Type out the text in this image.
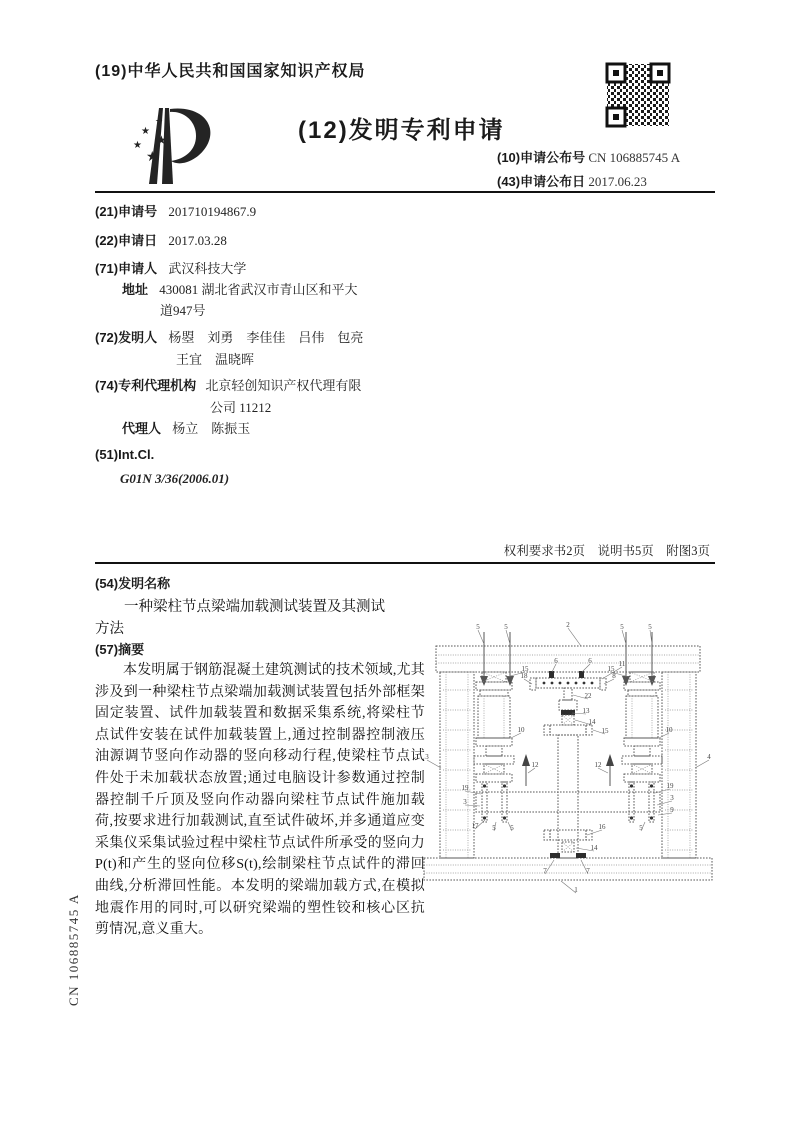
(19)中华人民共和国国家知识产权局
★
★
★
★
★
(12)发明专利申请
(10)申请公布号 CN 106885745 A
(43)申请公布日 2017.06.23
(21)申请号 201710194867.9
(22)申请日 2017.03.28
(71)申请人 武汉科技大学
地址 430081 湖北省武汉市青山区和平大
道947号
(72)发明人 杨曌　刘勇　李佳佳　吕伟　包亮
王宜　温晓晖
(74)专利代理机构 北京轻创知识产权代理有限
公司 11212
代理人 杨立　陈振玉
(51)Int.Cl.
G01N 3/36(2006.01)
权利要求书2页　说明书5页　附图3页
(54)发明名称
一种梁柱节点梁端加载测试装置及其测试
方法
(57)摘要
本发明属于钢筋混凝土建筑测试的技术领域,尤其涉及到一种梁柱节点梁端加载测试装置包括外部框架固定装置、试件加载装置和数据采集系统,将梁柱节点试件安装在试件加载装置上,通过控制器控制液压油源调节竖向作动器的竖向移动行程,使梁柱节点试件处于未加载状态放置;通过电脑设计参数通过控制器控制千斤顶及竖向作动器向梁柱节点试件施加载荷,按要求进行加载测试,直至试件破坏,并多通道应变采集仪采集试验过程中梁柱节点试件所承受的竖向力P(t)和产生的竖向位移S(t),绘制梁柱节点试件的滞回曲线,分析滞回性能。本发明的梁端加载方式,在模拟地震作用的同时,可以研究梁端的塑性铰和核心区抗剪情况,意义重大。
5	5	2	5	5
6	6
18	8
11
15	15
10	10
22
13
14
15
12	12
3	4
19
3
17 5 5
19
3
9
5
16
14
7	7
1
CN 106885745 A
